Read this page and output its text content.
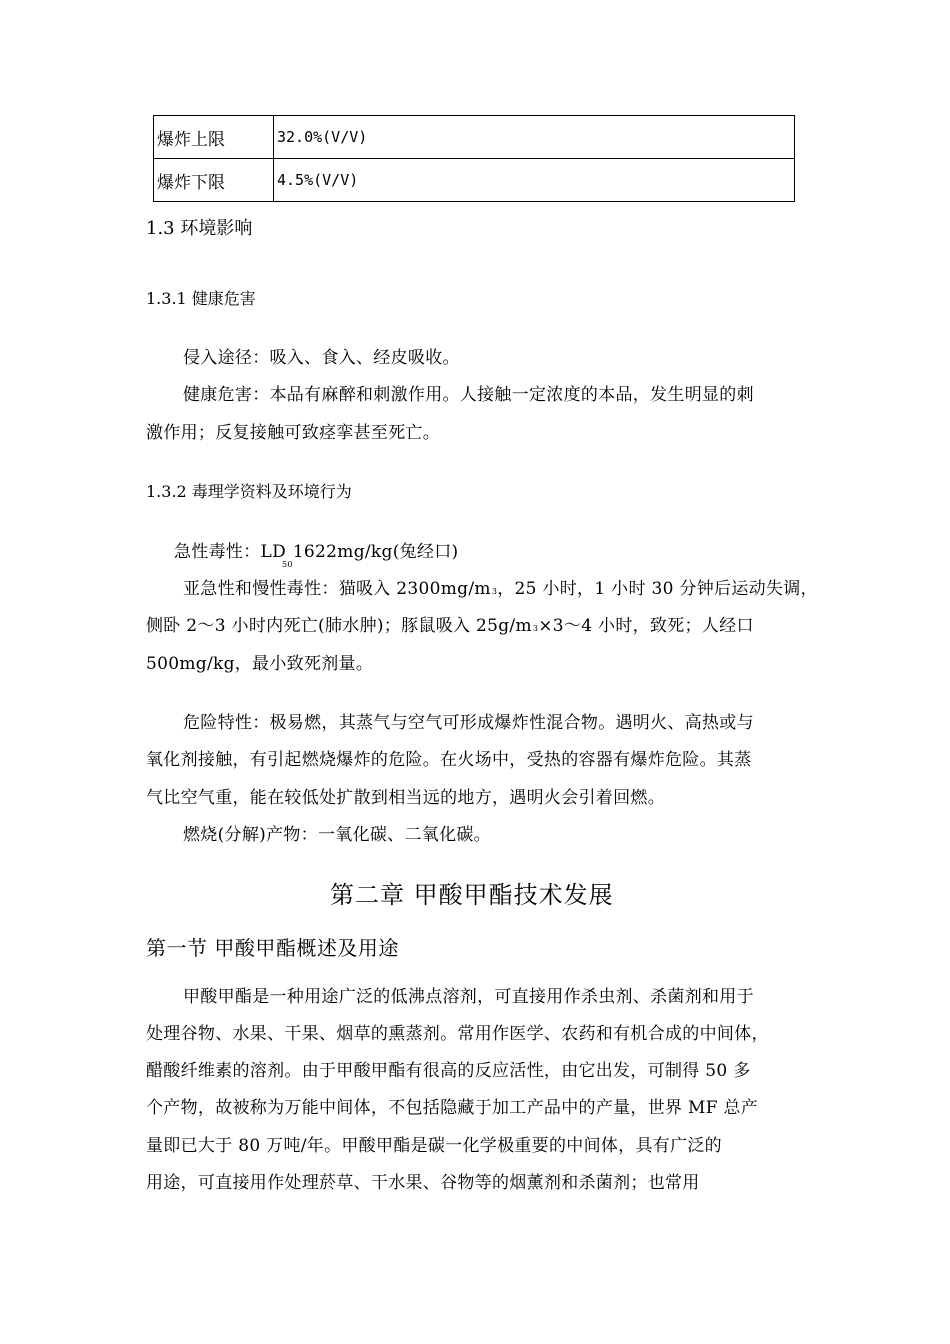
爆炸上限	32.0%(V/V)
爆炸下限	4.5%(V/V)
1.3 环境影响
1.3.1 健康危害
侵入途径：吸入、食入、经皮吸收。
健康危害：本品有麻醉和刺激作用。人接触一定浓度的本品，发生明显的刺
激作用；反复接触可致痉挛甚至死亡。
1.3.2 毒理学资料及环境行为
急性毒性：$LD_{50}1622mg/kg$(兔经口)
亚急性和慢性毒性：猫吸入 2300mg/m3，25 小时，1 小时 30 分钟后运动失调，
侧卧 2～3 小时内死亡(肺水肿)；豚鼠吸入 25g/m3×3～4 小时，致死；人经口
500mg/kg，最小致死剂量。
危险特性：极易燃，其蒸气与空气可形成爆炸性混合物。遇明火、高热或与
氧化剂接触，有引起燃烧爆炸的危险。在火场中，受热的容器有爆炸危险。其蒸
气比空气重，能在较低处扩散到相当远的地方，遇明火会引着回燃。
燃烧(分解)产物：一氧化碳、二氧化碳。
第二章 甲酸甲酯技术发展
第一节 甲酸甲酯概述及用途
甲酸甲酯是一种用途广泛的低沸点溶剂，可直接用作杀虫剂、杀菌剂和用于
处理谷物、水果、干果、烟草的熏蒸剂。常用作医学、农药和有机合成的中间体，
醋酸纤维素的溶剂。由于甲酸甲酯有很高的反应活性，由它出发，可制得 50 多
个产物，故被称为万能中间体，不包括隐藏于加工产品中的产量，世界 MF 总产
量即已大于 80 万吨/年。甲酸甲酯是碳一化学极重要的中间体，具有广泛的
用途，可直接用作处理菸草、干水果、谷物等的烟薰剂和杀菌剂；也常用
